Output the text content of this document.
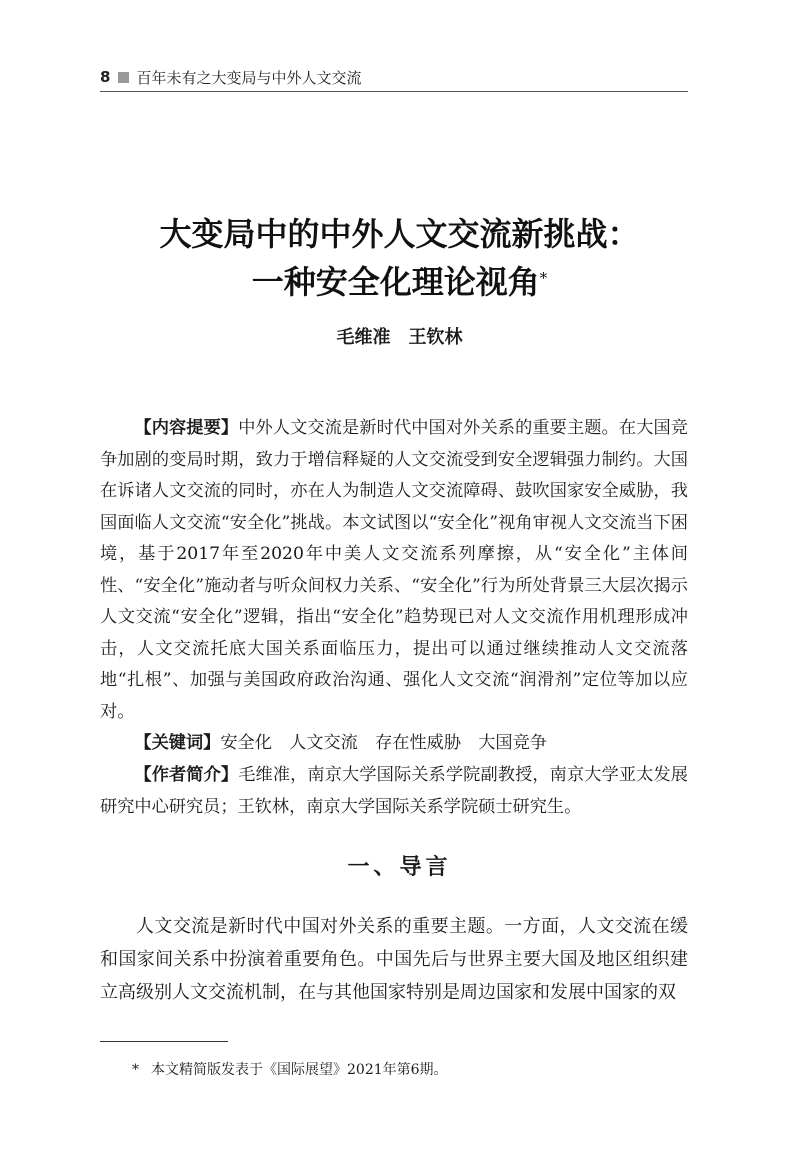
8 百年未有之大变局与中外人文交流
大变局中的中外人文交流新挑战：
一种安全化理论视角*
毛维准　王钦林

【内容提要】中外人文交流是新时代中国对外关系的重要主题。在大国竞争加剧的变局时期，致力于增信释疑的人文交流受到安全逻辑强力制约。大国在诉诸人文交流的同时，亦在人为制造人文交流障碍、鼓吹国家安全威胁，我国面临人文交流“安全化”挑战。本文试图以“安全化”视角审视人文交流当下困境，基于2017年至2020年中美人文交流系列摩擦，从“安全化”主体间性、“安全化”施动者与听众间权力关系、“安全化”行为所处背景三大层次揭示人文交流“安全化”逻辑，指出“安全化”趋势现已对人文交流作用机理形成冲击，人文交流托底大国关系面临压力，提出可以通过继续推动人文交流落地“扎根”、加强与美国政府政治沟通、强化人文交流“润滑剂”定位等加以应对。

【关键词】安全化 人文交流 存在性威胁 大国竞争

【作者简介】毛维准，南京大学国际关系学院副教授，南京大学亚太发展研究中心研究员；王钦林，南京大学国际关系学院硕士研究生。

一、导言

人文交流是新时代中国对外关系的重要主题。一方面，人文交流在缓和国家间关系中扮演着重要角色。中国先后与世界主要大国及地区组织建立高级别人文交流机制，在与其他国家特别是周边国家和发展中国家的双

* 本文精简版发表于《国际展望》2021年第6期。
